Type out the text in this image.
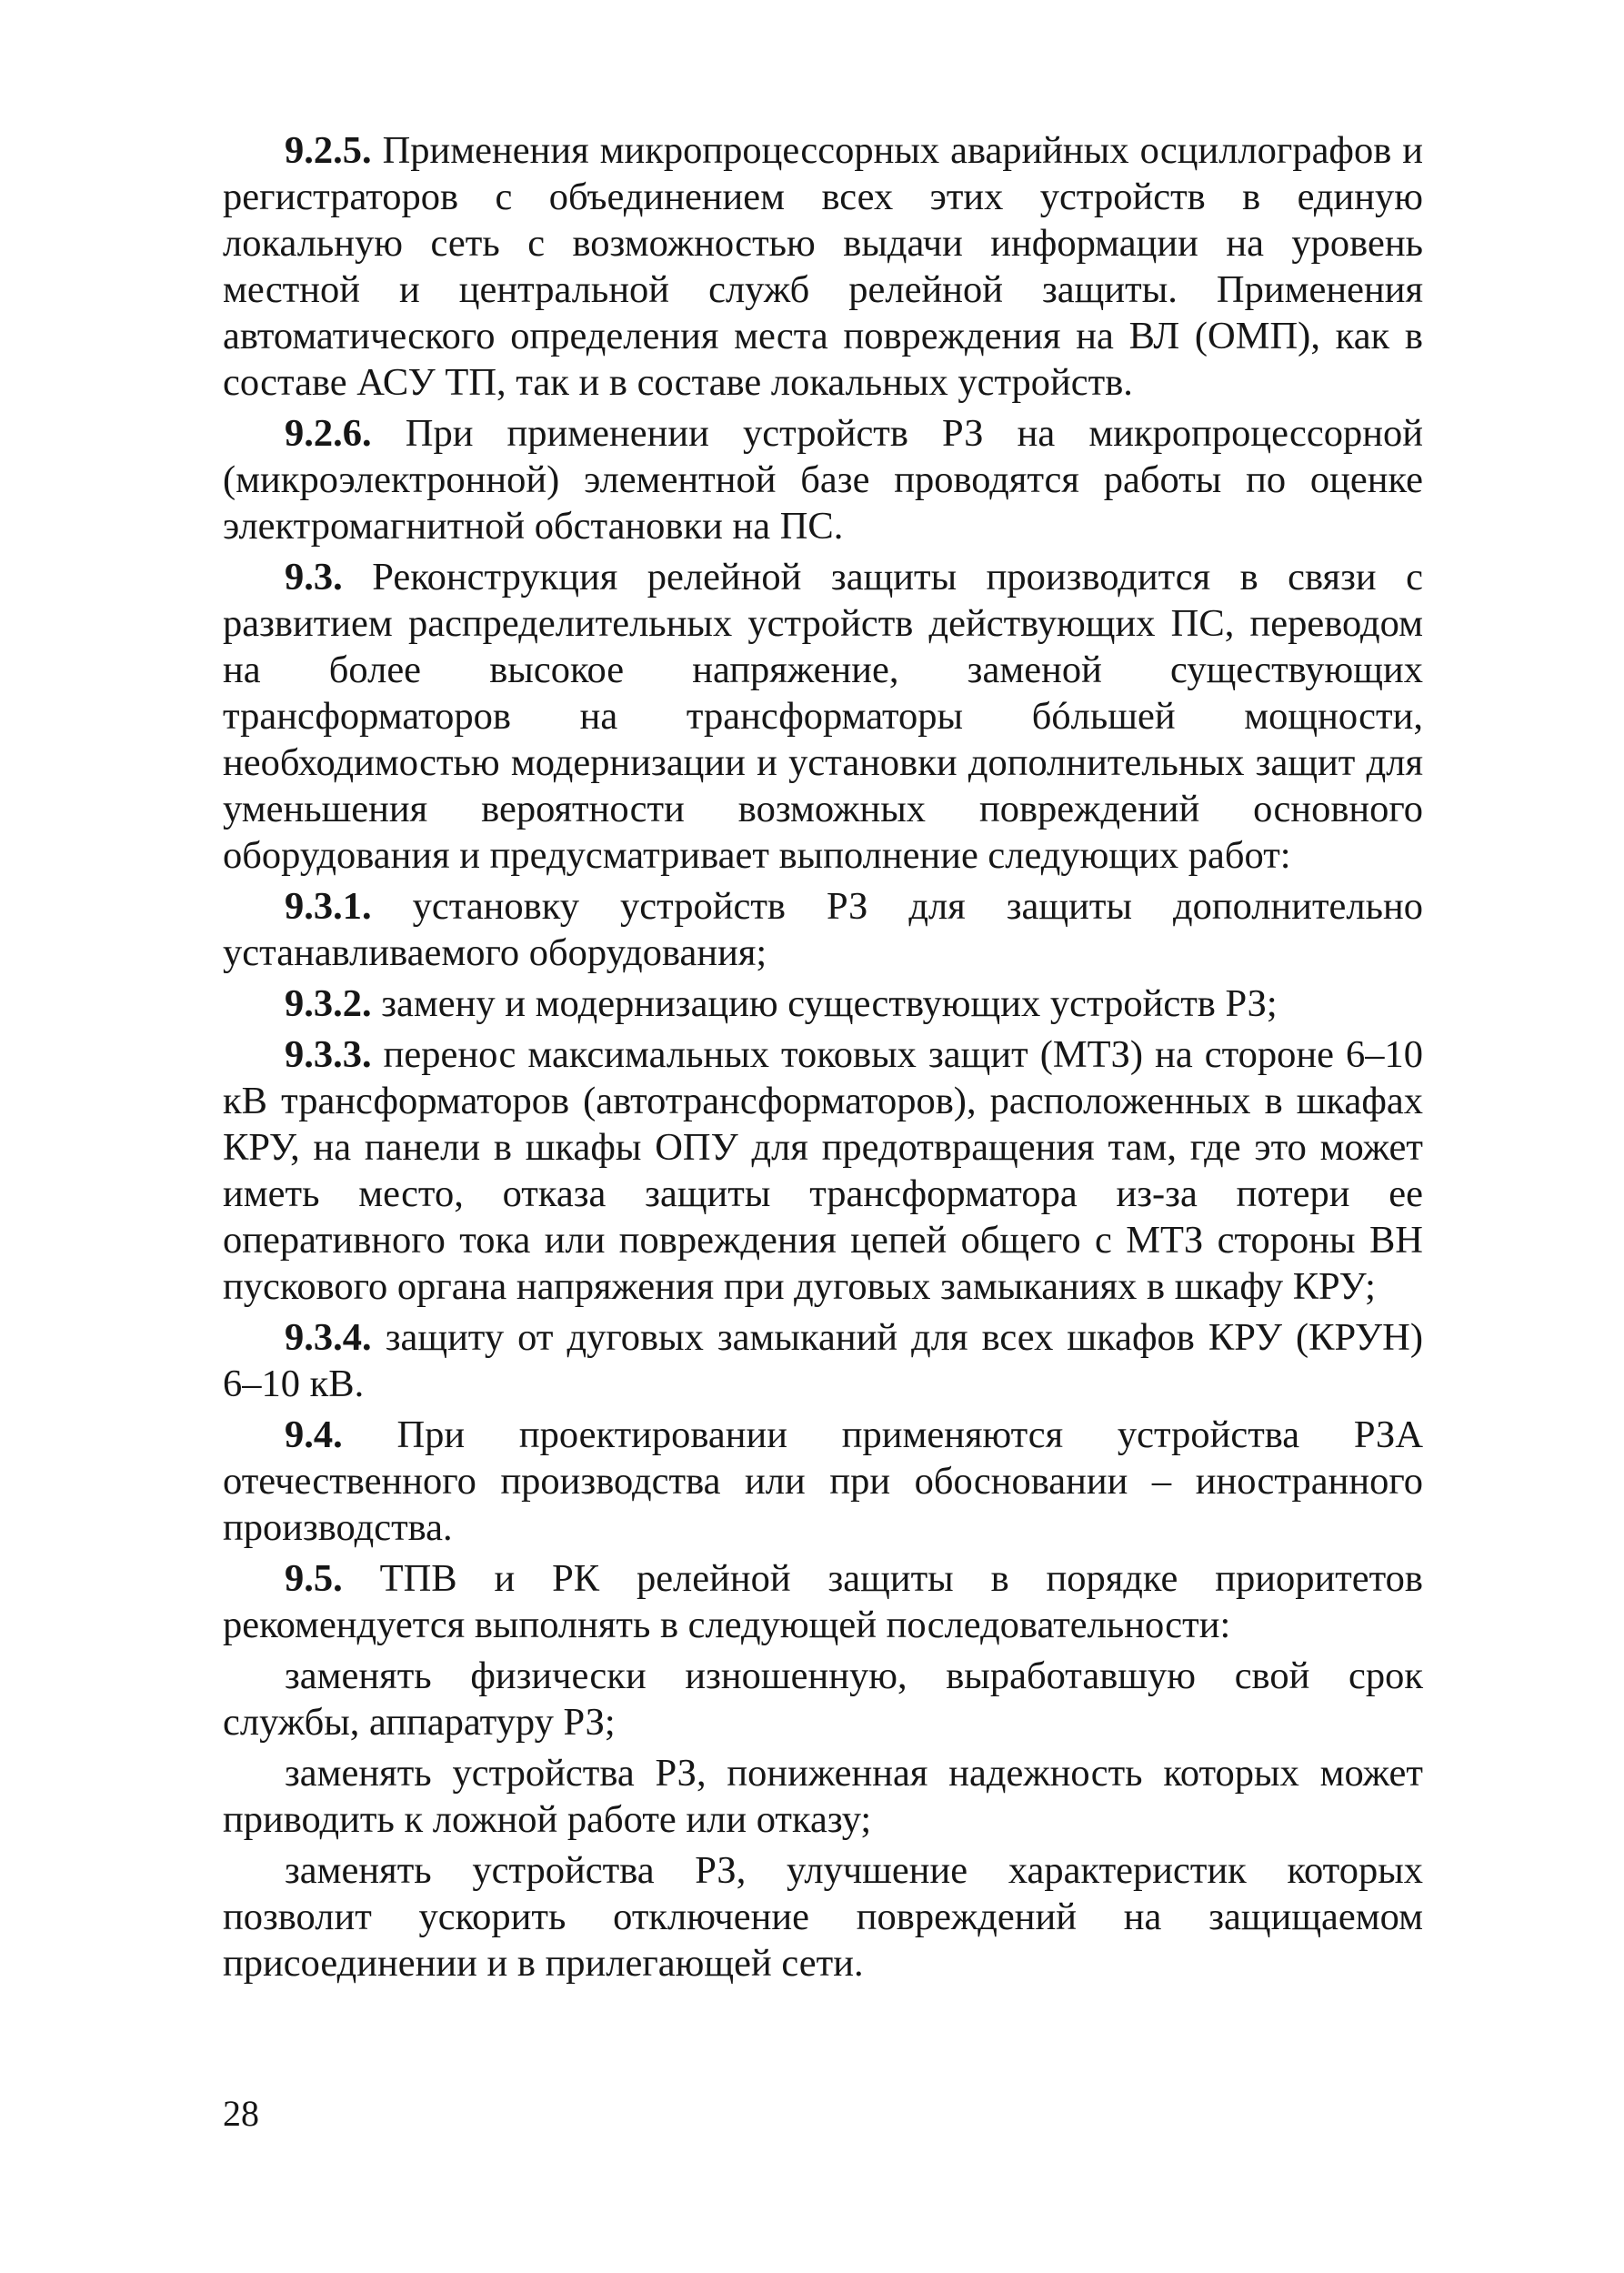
9.2.5. Применения микропроцессорных аварийных осциллографов и регистраторов с объединением всех этих устройств в единую локальную сеть с возможностью выдачи информации на уровень местной и центральной служб релейной защиты. Применения автоматического определения места повреждения на ВЛ (ОМП), как в составе АСУ ТП, так и в составе локальных устройств.

9.2.6. При применении устройств РЗ на микропроцессорной (микроэлектронной) элементной базе проводятся работы по оценке электромагнитной обстановки на ПС.

9.3. Реконструкция релейной защиты производится в связи с развитием распределительных устройств действующих ПС, переводом на более высокое напряжение, заменой существующих трансформаторов на трансформаторы бóльшей мощности, необходимостью модернизации и установки дополнительных защит для уменьшения вероятности возможных повреждений основного оборудования и предусматривает выполнение следующих работ:

9.3.1. установку устройств РЗ для защиты дополнительно устанавливаемого оборудования;

9.3.2. замену и модернизацию существующих устройств РЗ;

9.3.3. перенос максимальных токовых защит (МТЗ) на стороне 6–10 кВ трансформаторов (автотрансформаторов), расположенных в шкафах КРУ, на панели в шкафы ОПУ для предотвращения там, где это может иметь место, отказа защиты трансформатора из-за потери ее оперативного тока или повреждения цепей общего с МТЗ стороны ВН пускового органа напряжения при дуговых замыканиях в шкафу КРУ;

9.3.4. защиту от дуговых замыканий для всех шкафов КРУ (КРУН) 6–10 кВ.

9.4. При проектировании применяются устройства РЗА отечественного производства или при обосновании – иностранного производства.

9.5. ТПВ и РК релейной защиты в порядке приоритетов рекомендуется выполнять в следующей последовательности:

заменять физически изношенную, выработавшую свой срок службы, аппаратуру РЗ;

заменять устройства РЗ, пониженная надежность которых может приводить к ложной работе или отказу;

заменять устройства РЗ, улучшение характеристик которых позволит ускорить отключение повреждений на защищаемом присоединении и в прилегающей сети.

28
